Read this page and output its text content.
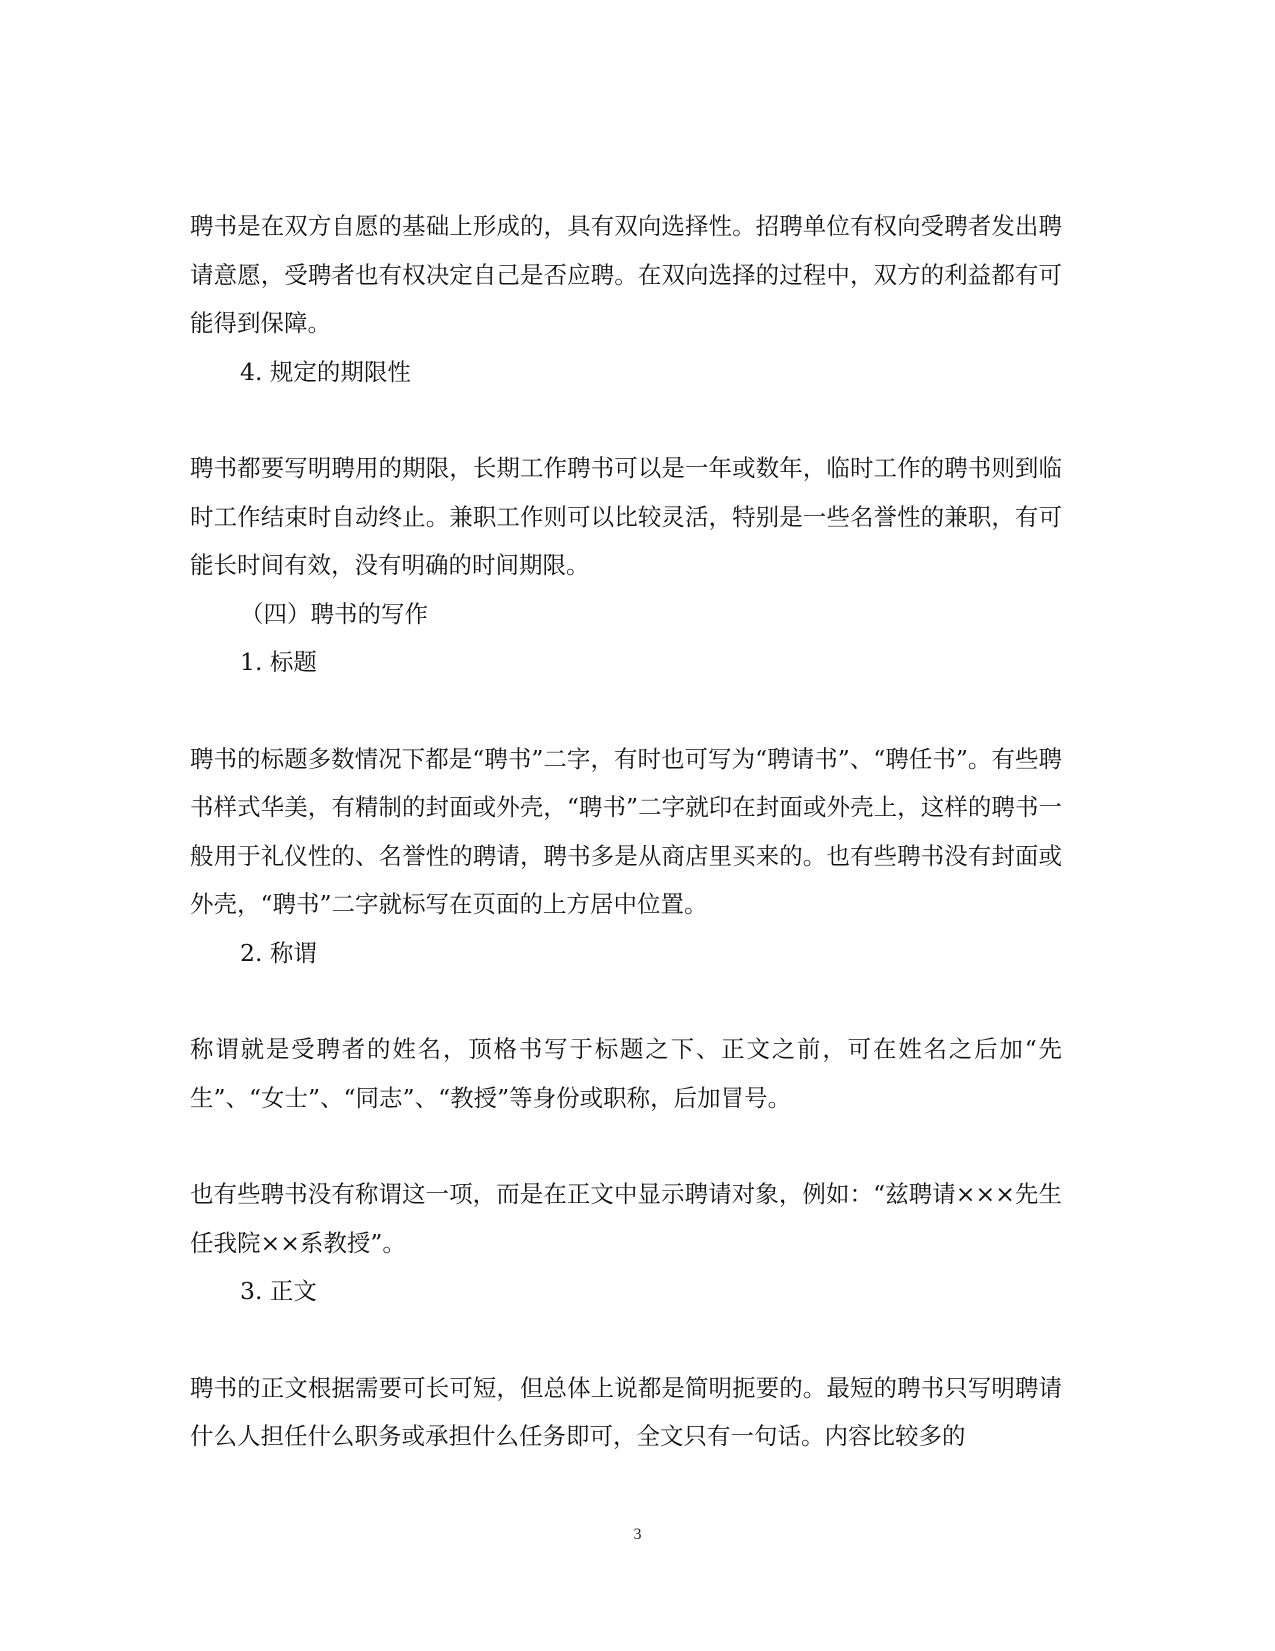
聘书是在双方自愿的基础上形成的，具有双向选择性。招聘单位有权向受聘者发出聘请意愿，受聘者也有权决定自己是否应聘。在双向选择的过程中，双方的利益都有可能得到保障。

4. 规定的期限性

聘书都要写明聘用的期限，长期工作聘书可以是一年或数年，临时工作的聘书则到临时工作结束时自动终止。兼职工作则可以比较灵活，特别是一些名誉性的兼职，有可能长时间有效，没有明确的时间期限。

（四）聘书的写作

1. 标题

聘书的标题多数情况下都是“聘书”二字，有时也可写为“聘请书”、“聘任书”。有些聘书样式华美，有精制的封面或外壳，“聘书”二字就印在封面或外壳上，这样的聘书一般用于礼仪性的、名誉性的聘请，聘书多是从商店里买来的。也有些聘书没有封面或外壳，“聘书”二字就标写在页面的上方居中位置。

2. 称谓

称谓就是受聘者的姓名，顶格书写于标题之下、正文之前，可在姓名之后加“先生”、“女士”、“同志”、“教授”等身份或职称，后加冒号。

也有些聘书没有称谓这一项，而是在正文中显示聘请对象，例如：“兹聘请×××先生任我院××系教授”。

3. 正文

聘书的正文根据需要可长可短，但总体上说都是简明扼要的。最短的聘书只写明聘请什么人担任什么职务或承担什么任务即可，全文只有一句话。内容比较多的

3
